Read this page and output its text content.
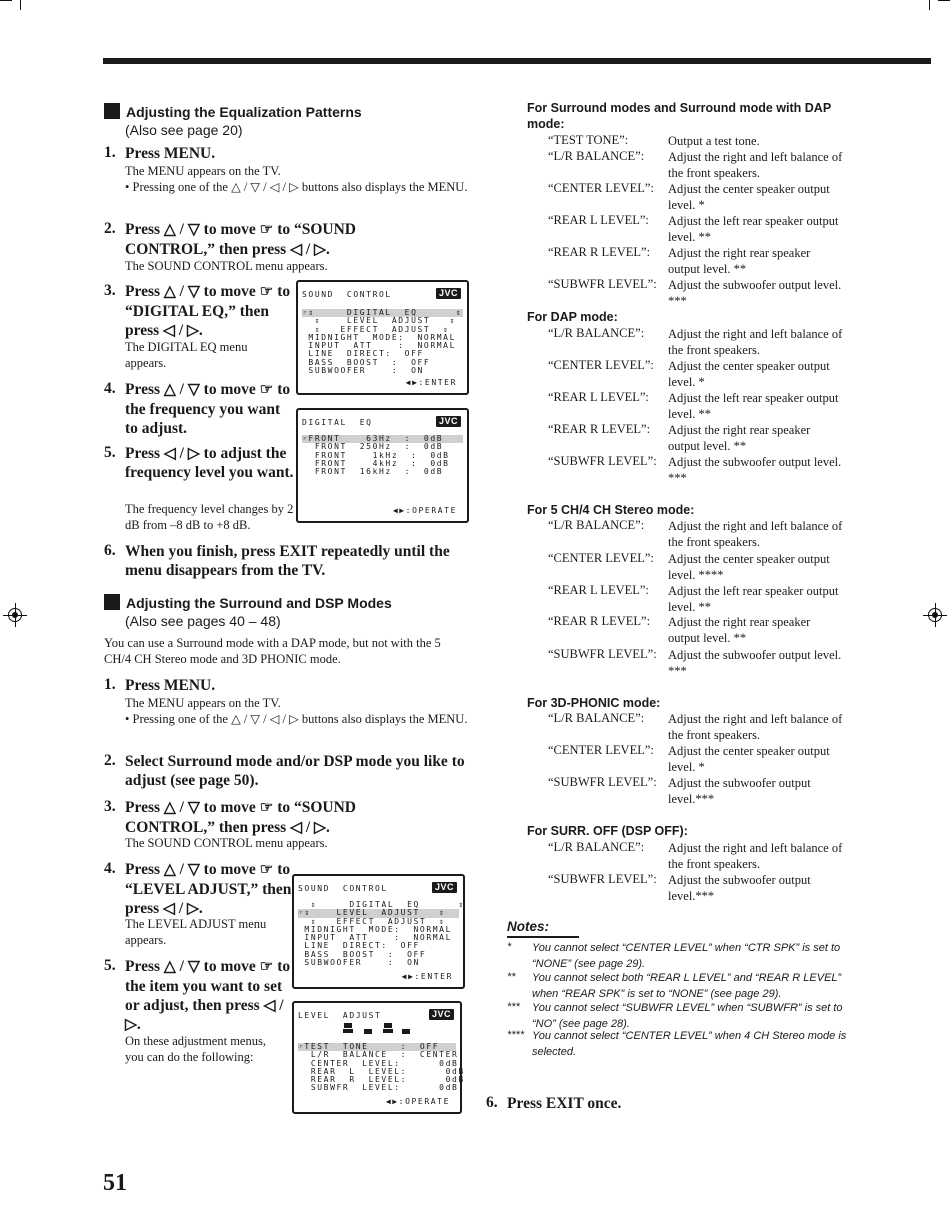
Adjusting the Equalization Patterns
(Also see page 20)
1. Press MENU.
The MENU appears on the TV.
• Pressing one of the △ / ▽ / ◁ / ▷ buttons also displays the MENU.
2. Press △ / ▽ to move ☞ to “SOUND CONTROL,” then press ◁ / ▷.
The SOUND CONTROL menu appears.
3. Press △ / ▽ to move ☞ to “DIGITAL EQ,” then press ◁ / ▷.
The DIGITAL EQ menu appears.
4. Press △ / ▽ to move ☞ to the frequency you want to adjust.
5. Press ◁ / ▷ to adjust the frequency level you want.
The frequency level changes by 2 dB from –8 dB to +8 dB.
6. When you finish, press EXIT repeatedly until the menu disappears from the TV.
Adjusting the Surround and DSP Modes
(Also see pages 40 – 48)
You can use a Surround mode with a DAP mode, but not with the 5 CH/4 CH Stereo mode and 3D PHONIC mode.
1. Press MENU.
The MENU appears on the TV.
• Pressing one of the △ / ▽ / ◁ / ▷ buttons also displays the MENU.
2. Select Surround mode and/or DSP mode you like to adjust (see page 50).
3. Press △ / ▽ to move ☞ to “SOUND CONTROL,” then press ◁ / ▷.
The SOUND CONTROL menu appears.
4. Press △ / ▽ to move ☞ to “LEVEL ADJUST,” then press ◁ / ▷.
The LEVEL ADJUST menu appears.
5. Press △ / ▽ to move ☞ to the item you want to set or adjust, then press ◁ / ▷.
On these adjustment menus, you can do the following:
SOUND  CONTROL	JVC
☞⇕     DIGITAL  EQ      ⇕
⇕    LEVEL  ADJUST   ⇕
⇕   EFFECT  ADJUST  ⇕
MIDNIGHT  MODE:  NORMAL
INPUT  ATT    :  NORMAL
LINE  DIRECT:  OFF
BASS  BOOST  :  OFF
SUBWOOFER    :  ON
◀▶:ENTER
DIGITAL  EQ	JVC
☞FRONT    63Hz  :  0dB
FRONT  250Hz  :  0dB
FRONT    1kHz  :  0dB
FRONT    4kHz  :  0dB
FRONT  16kHz  :  0dB
◀▶:OPERATE
SOUND  CONTROL	JVC
⇕     DIGITAL  EQ      ⇕
☞⇕    LEVEL  ADJUST   ⇕
⇕   EFFECT  ADJUST  ⇕
MIDNIGHT  MODE:  NORMAL
INPUT  ATT    :  NORMAL
LINE  DIRECT:  OFF
BASS  BOOST  :  OFF
SUBWOOFER    :  ON
◀▶:ENTER
LEVEL  ADJUST	JVC
☞TEST  TONE     :  OFF
L/R  BALANCE  :  CENTER
CENTER  LEVEL:      0dB
REAR  L  LEVEL:      0dB
REAR  R  LEVEL:      0dB
SUBWFR  LEVEL:      0dB
◀▶:OPERATE
For Surround modes and Surround mode with DAP mode:
“TEST TONE”:	Output a test tone.
“L/R BALANCE”: Adjust the right and left balance of the front speakers.
“CENTER LEVEL”: Adjust the center speaker output level. *
“REAR L LEVEL”: Adjust the left rear speaker output level. **
“REAR R LEVEL”: Adjust the right rear speaker output level. **
“SUBWFR LEVEL”: Adjust the subwoofer output level. ***
For DAP mode:
“L/R BALANCE”: Adjust the right and left balance of the front speakers.
“CENTER LEVEL”: Adjust the center speaker output level. *
“REAR L LEVEL”: Adjust the left rear speaker output level. **
“REAR R LEVEL”: Adjust the right rear speaker output level. **
“SUBWFR LEVEL”: Adjust the subwoofer output level. ***
For 5 CH/4 CH Stereo mode:
“L/R BALANCE”: Adjust the right and left balance of the front speakers.
“CENTER LEVEL”: Adjust the center speaker output level. ****
“REAR L LEVEL”: Adjust the left rear speaker output level. **
“REAR R LEVEL”: Adjust the right rear speaker output level. **
“SUBWFR LEVEL”: Adjust the subwoofer output level. ***
For 3D-PHONIC mode:
“L/R BALANCE”: Adjust the right and left balance of the front speakers.
“CENTER LEVEL”: Adjust the center speaker output level. *
“SUBWFR LEVEL”: Adjust the subwoofer output level.***
For SURR. OFF (DSP OFF):
“L/R BALANCE”: Adjust the right and left balance of the front speakers.
“SUBWFR LEVEL”: Adjust the subwoofer output level.***
Notes:
* You cannot select “CENTER LEVEL” when “CTR SPK” is set to “NONE” (see page 29).
** You cannot select both “REAR L LEVEL” and “REAR R LEVEL” when “REAR SPK” is set to “NONE” (see page 29).
*** You cannot select “SUBWFR LEVEL” when “SUBWFR” is set to “NO” (see page 28).
**** You cannot select “CENTER LEVEL” when 4 CH Stereo mode is selected.
6. Press EXIT once.
51
